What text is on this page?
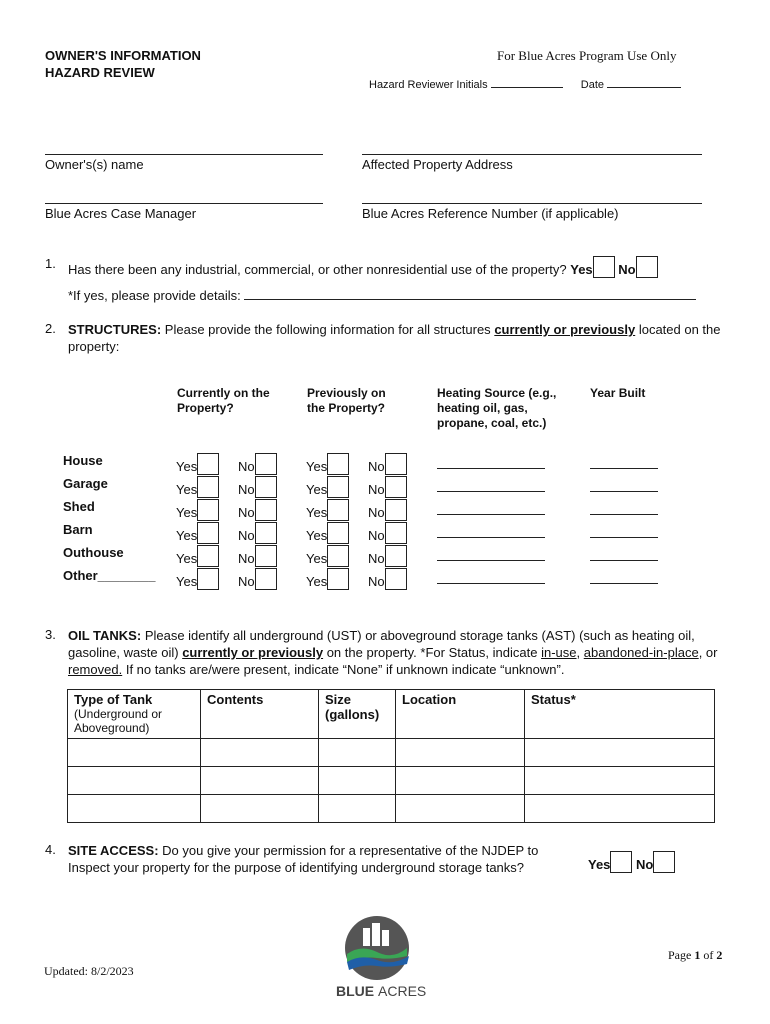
OWNER'S INFORMATION
HAZARD REVIEW
For Blue Acres Program Use Only
Hazard Reviewer Initials	Date
Owner's(s) name	Affected Property Address
Blue Acres Case Manager	Blue Acres Reference Number (if applicable)
1. Has there been any industrial, commercial, or other nonresidential use of the property? Yes No
*If yes, please provide details:
2. STRUCTURES: Please provide the following information for all structures currently or previously located on the property:
Currently on the Property?
Previously on the Property?
Heating Source (e.g., heating oil, gas, propane, coal, etc.)
Year Built
House	Yes	No	Yes	No
Garage	Yes	No	Yes	No
Shed	Yes	No	Yes	No
Barn	Yes	No	Yes	No
Outhouse	Yes	No	Yes	No
Other________ Yes	No	Yes	No
3. OIL TANKS: Please identify all underground (UST) or aboveground storage tanks (AST) (such as heating oil, gasoline, waste oil) currently or previously on the property. *For Status, indicate in-use, abandoned-in-place, or removed. If no tanks are/were present, indicate “None” if unknown indicate “unknown”.
Type of Tank
(Underground or Aboveground)	Contents	Size (gallons)	Location	Status*

4. SITE ACCESS: Do you give your permission for a representative of the NJDEP to Inspect your property for the purpose of identifying underground storage tanks?	Yes No
Updated: 8/2/2023
BLUE ACRES
Page 1 of 2
